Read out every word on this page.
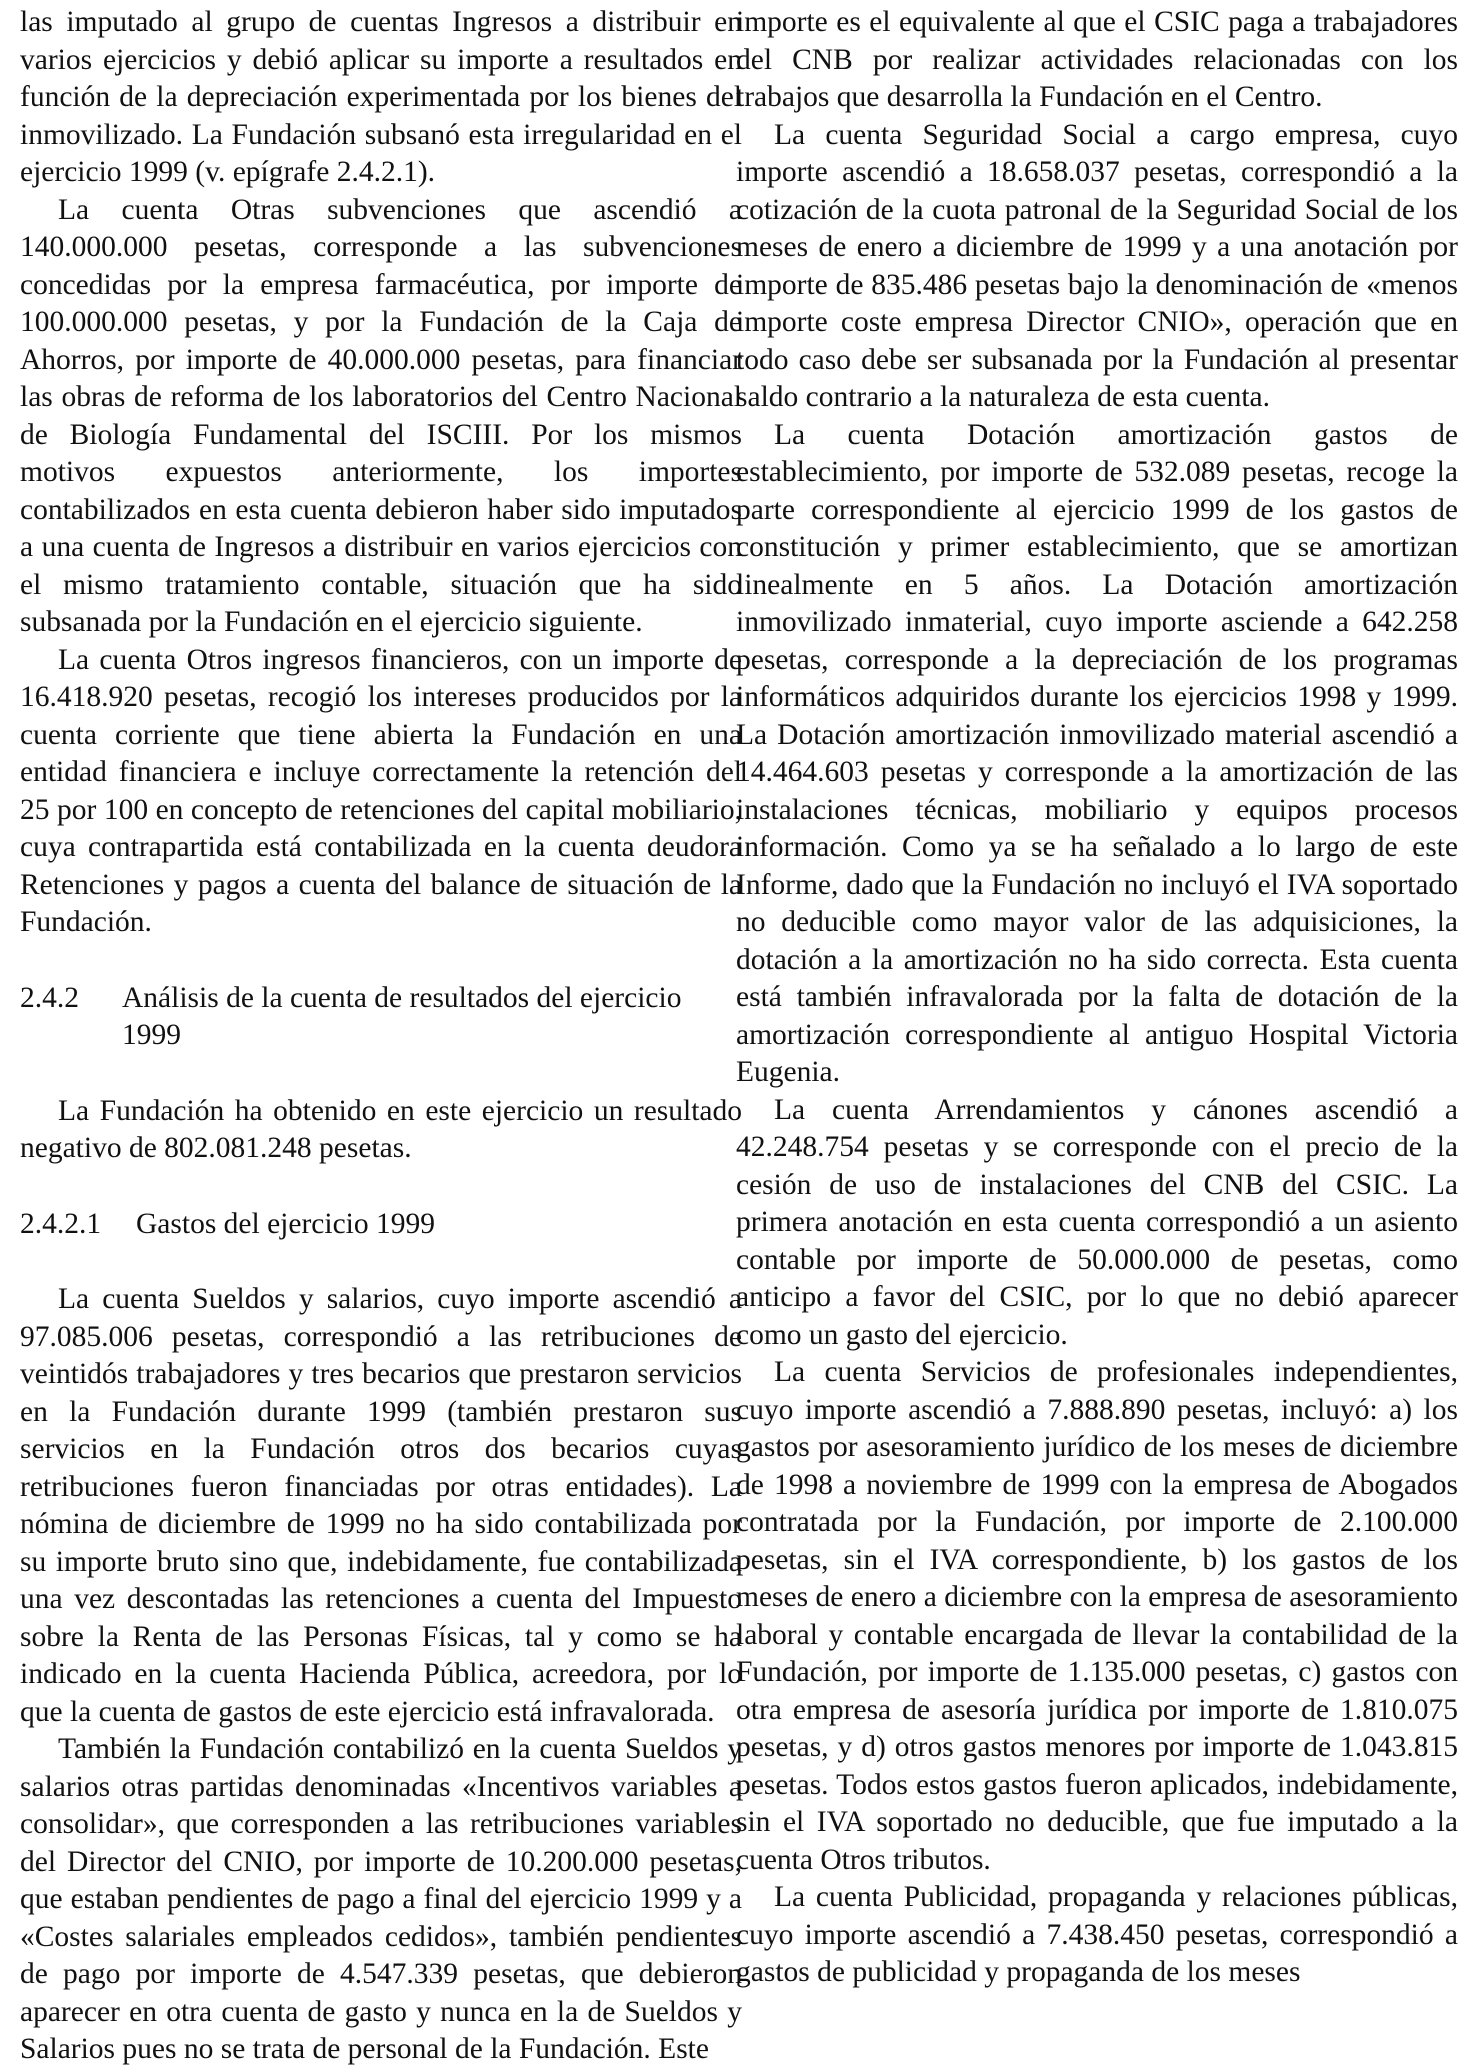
las imputado al grupo de cuentas Ingresos a distribuir en varios ejercicios y debió aplicar su importe a resultados en función de la depreciación experimentada por los bienes del inmovilizado. La Fundación subsanó esta irregularidad en el ejercicio 1999 (v. epígrafe 2.4.2.1).

La cuenta Otras subvenciones que ascendió a 140.000.000 pesetas, corresponde a las subvenciones concedidas por la empresa farmacéutica, por importe de 100.000.000 pesetas, y por la Fundación de la Caja de Ahorros, por importe de 40.000.000 pesetas, para financiar las obras de reforma de los laboratorios del Centro Nacional de Biología Fundamental del ISCIII. Por los mismos motivos expuestos anteriormente, los importes contabilizados en esta cuenta debieron haber sido imputados a una cuenta de Ingresos a distribuir en varios ejercicios con el mismo tratamiento contable, situación que ha sido subsanada por la Fundación en el ejercicio siguiente.

La cuenta Otros ingresos financieros, con un importe de 16.418.920 pesetas, recogió los intereses producidos por la cuenta corriente que tiene abierta la Fundación en una entidad financiera e incluye correctamente la retención del 25 por 100 en concepto de retenciones del capital mobiliario, cuya contrapartida está contabilizada en la cuenta deudora Retenciones y pagos a cuenta del balance de situación de la Fundación.

2.4.2	Análisis de la cuenta de resultados del ejercicio 1999

La Fundación ha obtenido en este ejercicio un resultado negativo de 802.081.248 pesetas.

2.4.2.1	Gastos del ejercicio 1999

La cuenta Sueldos y salarios, cuyo importe ascendió a 97.085.006 pesetas, correspondió a las retribuciones de veintidós trabajadores y tres becarios que prestaron servicios en la Fundación durante 1999 (también prestaron sus servicios en la Fundación otros dos becarios cuyas retribuciones fueron financiadas por otras entidades). La nómina de diciembre de 1999 no ha sido contabilizada por su importe bruto sino que, indebidamente, fue contabilizada una vez descontadas las retenciones a cuenta del Impuesto sobre la Renta de las Personas Físicas, tal y como se ha indicado en la cuenta Hacienda Pública, acreedora, por lo que la cuenta de gastos de este ejercicio está infravalorada.

También la Fundación contabilizó en la cuenta Sueldos y salarios otras partidas denominadas «Incentivos variables a consolidar», que corresponden a las retribuciones variables del Director del CNIO, por importe de 10.200.000 pesetas, que estaban pendientes de pago a final del ejercicio 1999 y a «Costes salariales empleados cedidos», también pendientes de pago por importe de 4.547.339 pesetas, que debieron aparecer en otra cuenta de gasto y nunca en la de Sueldos y Salarios pues no se trata de personal de la Fundación. Este

importe es el equivalente al que el CSIC paga a trabajadores del CNB por realizar actividades relacionadas con los trabajos que desarrolla la Fundación en el Centro.

La cuenta Seguridad Social a cargo empresa, cuyo importe ascendió a 18.658.037 pesetas, correspondió a la cotización de la cuota patronal de la Seguridad Social de los meses de enero a diciembre de 1999 y a una anotación por importe de 835.486 pesetas bajo la denominación de «menos importe coste empresa Director CNIO», operación que en todo caso debe ser subsanada por la Fundación al presentar saldo contrario a la naturaleza de esta cuenta.

La cuenta Dotación amortización gastos de establecimiento, por importe de 532.089 pesetas, recoge la parte correspondiente al ejercicio 1999 de los gastos de constitución y primer establecimiento, que se amortizan linealmente en 5 años. La Dotación amortización inmovilizado inmaterial, cuyo importe asciende a 642.258 pesetas, corresponde a la depreciación de los programas informáticos adquiridos durante los ejercicios 1998 y 1999. La Dotación amortización inmovilizado material ascendió a 14.464.603 pesetas y corresponde a la amortización de las instalaciones técnicas, mobiliario y equipos procesos información. Como ya se ha señalado a lo largo de este Informe, dado que la Fundación no incluyó el IVA soportado no deducible como mayor valor de las adquisiciones, la dotación a la amortización no ha sido correcta. Esta cuenta está también infravalorada por la falta de dotación de la amortización correspondiente al antiguo Hospital Victoria Eugenia.

La cuenta Arrendamientos y cánones ascendió a 42.248.754 pesetas y se corresponde con el precio de la cesión de uso de instalaciones del CNB del CSIC. La primera anotación en esta cuenta correspondió a un asiento contable por importe de 50.000.000 de pesetas, como anticipo a favor del CSIC, por lo que no debió aparecer como un gasto del ejercicio.

La cuenta Servicios de profesionales independientes, cuyo importe ascendió a 7.888.890 pesetas, incluyó: a) los gastos por asesoramiento jurídico de los meses de diciembre de 1998 a noviembre de 1999 con la empresa de Abogados contratada por la Fundación, por importe de 2.100.000 pesetas, sin el IVA correspondiente, b) los gastos de los meses de enero a diciembre con la empresa de asesoramiento laboral y contable encargada de llevar la contabilidad de la Fundación, por importe de 1.135.000 pesetas, c) gastos con otra empresa de asesoría jurídica por importe de 1.810.075 pesetas, y d) otros gastos menores por importe de 1.043.815 pesetas. Todos estos gastos fueron aplicados, indebidamente, sin el IVA soportado no deducible, que fue imputado a la cuenta Otros tributos.

La cuenta Publicidad, propaganda y relaciones públicas, cuyo importe ascendió a 7.438.450 pesetas, correspondió a gastos de publicidad y propaganda de los meses
